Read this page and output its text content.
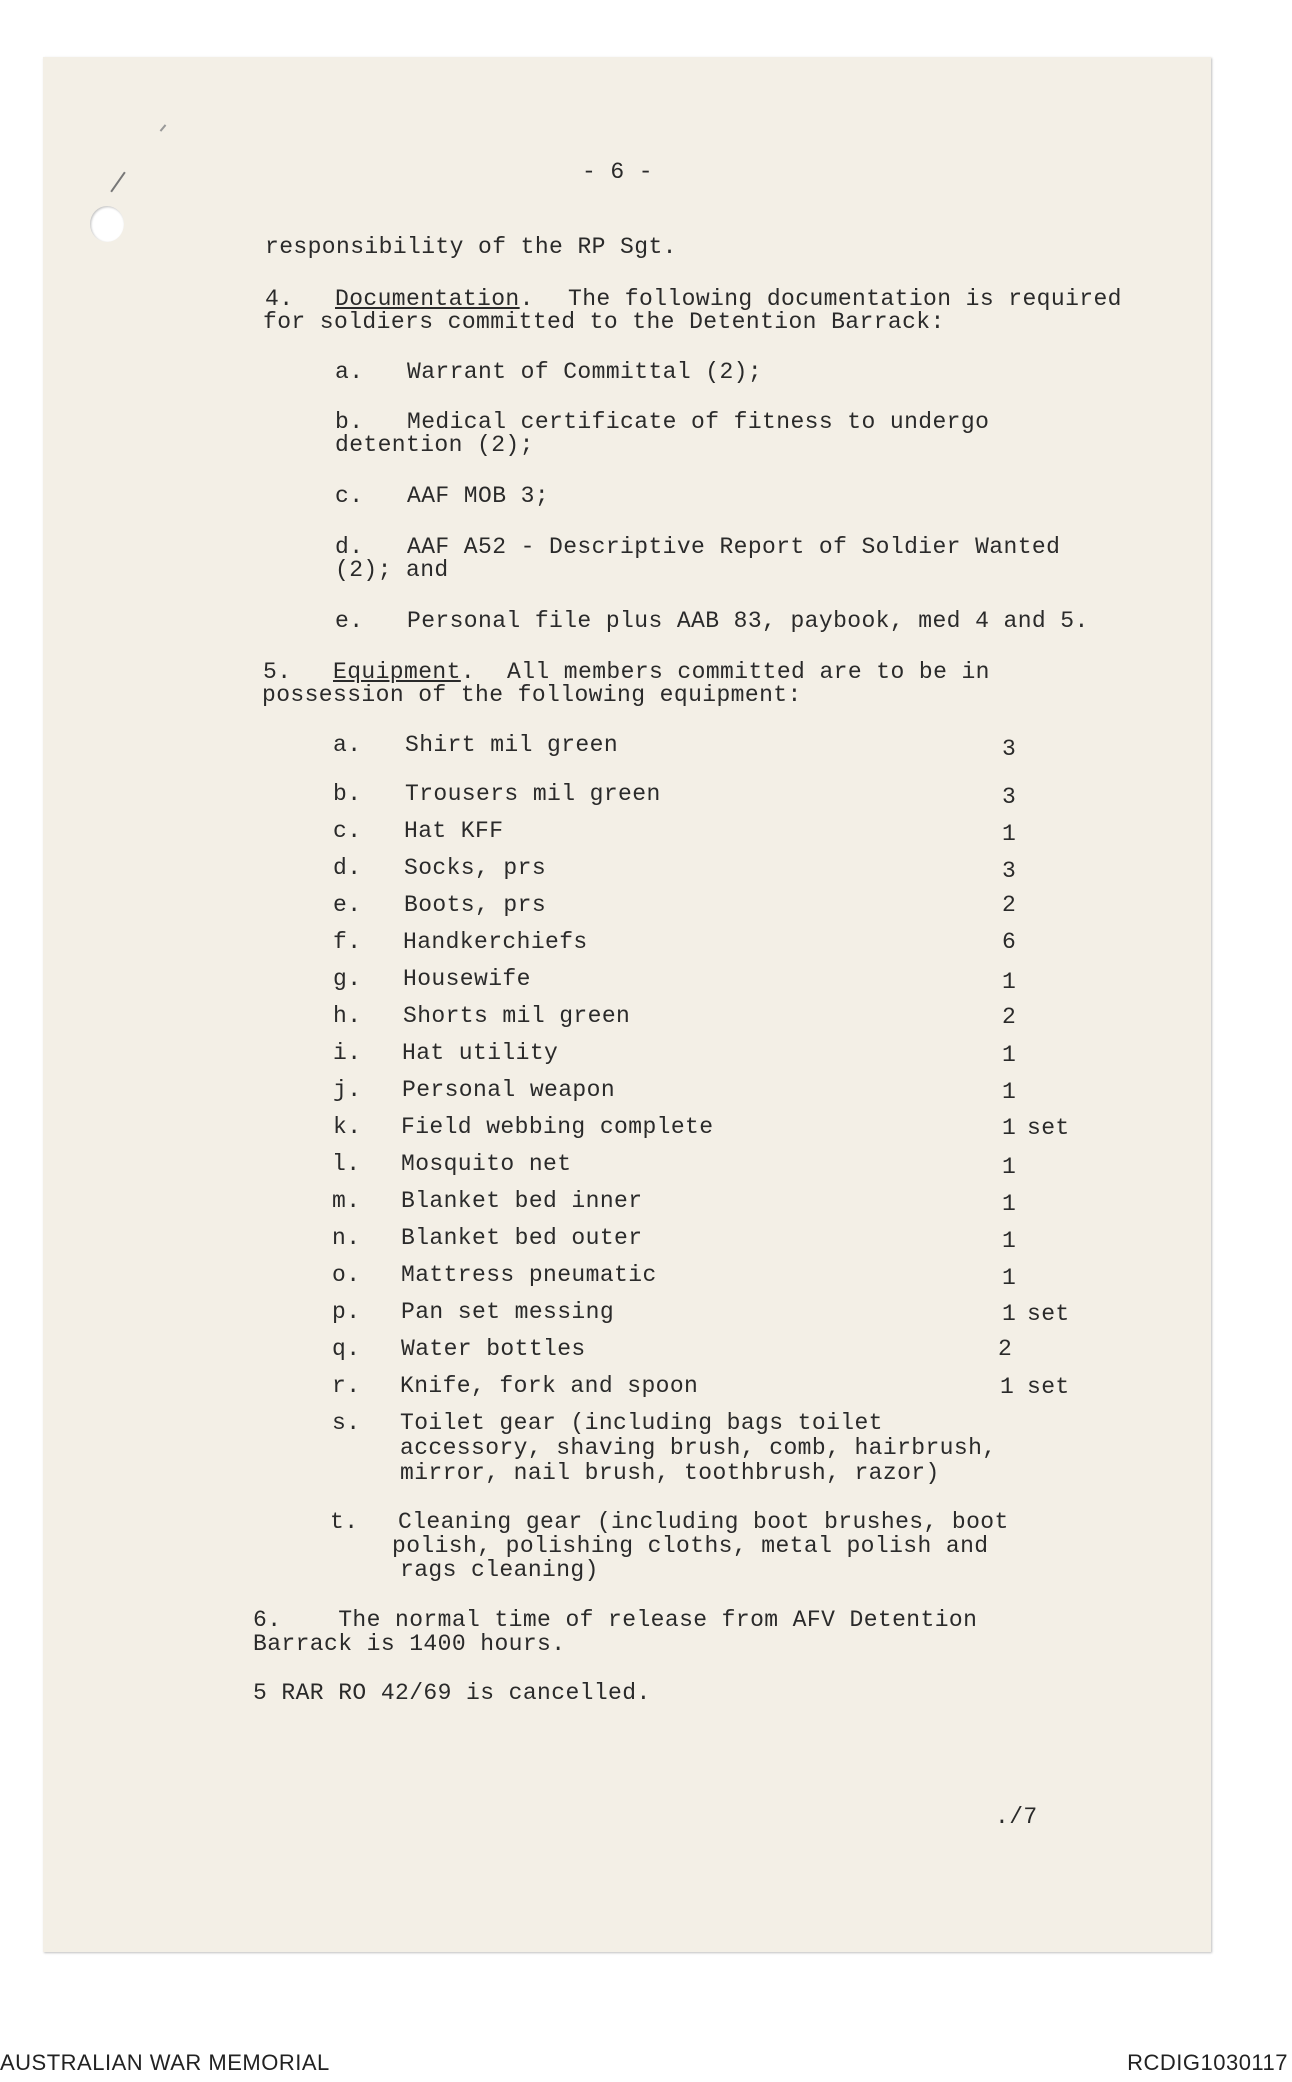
- 6 -
responsibility of the RP Sgt.
4. Documentation. The following documentation is required
for soldiers committed to the Detention Barrack:
a. Warrant of Committal (2);
b. Medical certificate of fitness to undergo
detention (2);
c. AAF MOB 3;
d. AAF A52 - Descriptive Report of Soldier Wanted
(2); and
e. Personal file plus AAB 83, paybook, med 4 and 5.
5. Equipment. All members committed are to be in
possession of the following equipment:
a. Shirt mil green	3
b. Trousers mil green	3
c. Hat KFF	1
d. Socks, prs	3
e. Boots, prs	2
f. Handkerchiefs	6
g. Housewife	1
h. Shorts mil green	2
i. Hat utility	1
j. Personal weapon	1
k. Field webbing complete	1 set
l. Mosquito net	1
m. Blanket bed inner	1
n. Blanket bed outer	1
o. Mattress pneumatic	1
p. Pan set messing	1 set
q. Water bottles	2
r. Knife, fork and spoon	1 set
s. Toilet gear (including bags toilet
accessory, shaving brush, comb, hairbrush,
mirror, nail brush, toothbrush, razor)
t. Cleaning gear (including boot brushes, boot
polish, polishing cloths, metal polish and
rags cleaning)
6.    The normal time of release from AFV Detention
Barrack is 1400 hours.
5 RAR RO 42/69 is cancelled.
./7
AUSTRALIAN WAR MEMORIAL	RCDIG1030117
